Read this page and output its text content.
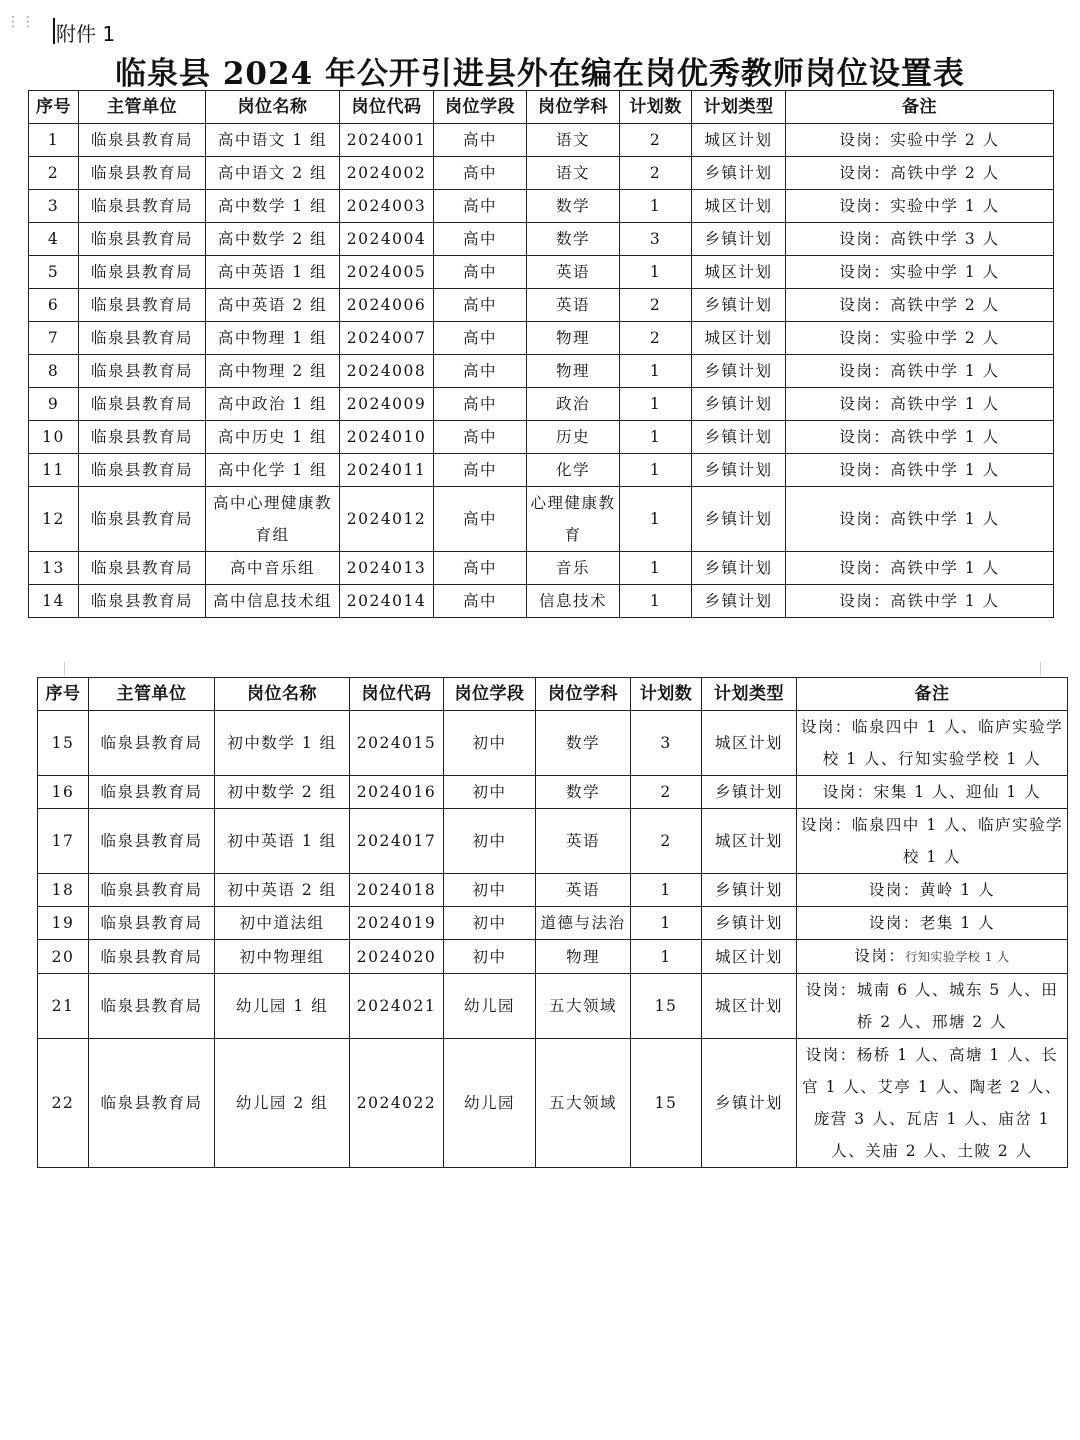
⋮⋮ 附件 1
临泉县 2024 年公开引进县外在编在岗优秀教师岗位设置表
序号	主管单位	岗位名称	岗位代码	岗位学段	岗位学科	计划数	计划类型	备注
1	临泉县教育局	高中语文 1 组	2024001	高中	语文	2	城区计划	设岗：实验中学 2 人
2	临泉县教育局	高中语文 2 组	2024002	高中	语文	2	乡镇计划	设岗：高铁中学 2 人
3	临泉县教育局	高中数学 1 组	2024003	高中	数学	1	城区计划	设岗：实验中学 1 人
4	临泉县教育局	高中数学 2 组	2024004	高中	数学	3	乡镇计划	设岗：高铁中学 3 人
5	临泉县教育局	高中英语 1 组	2024005	高中	英语	1	城区计划	设岗：实验中学 1 人
6	临泉县教育局	高中英语 2 组	2024006	高中	英语	2	乡镇计划	设岗：高铁中学 2 人
7	临泉县教育局	高中物理 1 组	2024007	高中	物理	2	城区计划	设岗：实验中学 2 人
8	临泉县教育局	高中物理 2 组	2024008	高中	物理	1	乡镇计划	设岗：高铁中学 1 人
9	临泉县教育局	高中政治 1 组	2024009	高中	政治	1	乡镇计划	设岗：高铁中学 1 人
10	临泉县教育局	高中历史 1 组	2024010	高中	历史	1	乡镇计划	设岗：高铁中学 1 人
11	临泉县教育局	高中化学 1 组	2024011	高中	化学	1	乡镇计划	设岗：高铁中学 1 人
12	临泉县教育局	高中心理健康教育组	2024012	高中	心理健康教育	1	乡镇计划	设岗：高铁中学 1 人
13	临泉县教育局	高中音乐组	2024013	高中	音乐	1	乡镇计划	设岗：高铁中学 1 人
14	临泉县教育局	高中信息技术组	2024014	高中	信息技术	1	乡镇计划	设岗：高铁中学 1 人
序号	主管单位	岗位名称	岗位代码	岗位学段	岗位学科	计划数	计划类型	备注
15	临泉县教育局	初中数学 1 组	2024015	初中	数学	3	城区计划	设岗：临泉四中 1 人、临庐实验学校 1 人、行知实验学校 1 人
16	临泉县教育局	初中数学 2 组	2024016	初中	数学	2	乡镇计划	设岗：宋集 1 人、迎仙 1 人
17	临泉县教育局	初中英语 1 组	2024017	初中	英语	2	城区计划	设岗：临泉四中 1 人、临庐实验学校 1 人
18	临泉县教育局	初中英语 2 组	2024018	初中	英语	1	乡镇计划	设岗：黄岭 1 人
19	临泉县教育局	初中道法组	2024019	初中	道德与法治	1	乡镇计划	设岗：老集 1 人
20	临泉县教育局	初中物理组	2024020	初中	物理	1	城区计划	设岗：行知实验学校 1 人
21	临泉县教育局	幼儿园 1 组	2024021	幼儿园	五大领域	15	城区计划	设岗：城南 6 人、城东 5 人、田桥 2 人、邢塘 2 人
22	临泉县教育局	幼儿园 2 组	2024022	幼儿园	五大领域	15	乡镇计划	设岗：杨桥 1 人、高塘 1 人、长官 1 人、艾亭 1 人、陶老 2 人、庞营 3 人、瓦店 1 人、庙岔 1 人、关庙 2 人、土陂 2 人
